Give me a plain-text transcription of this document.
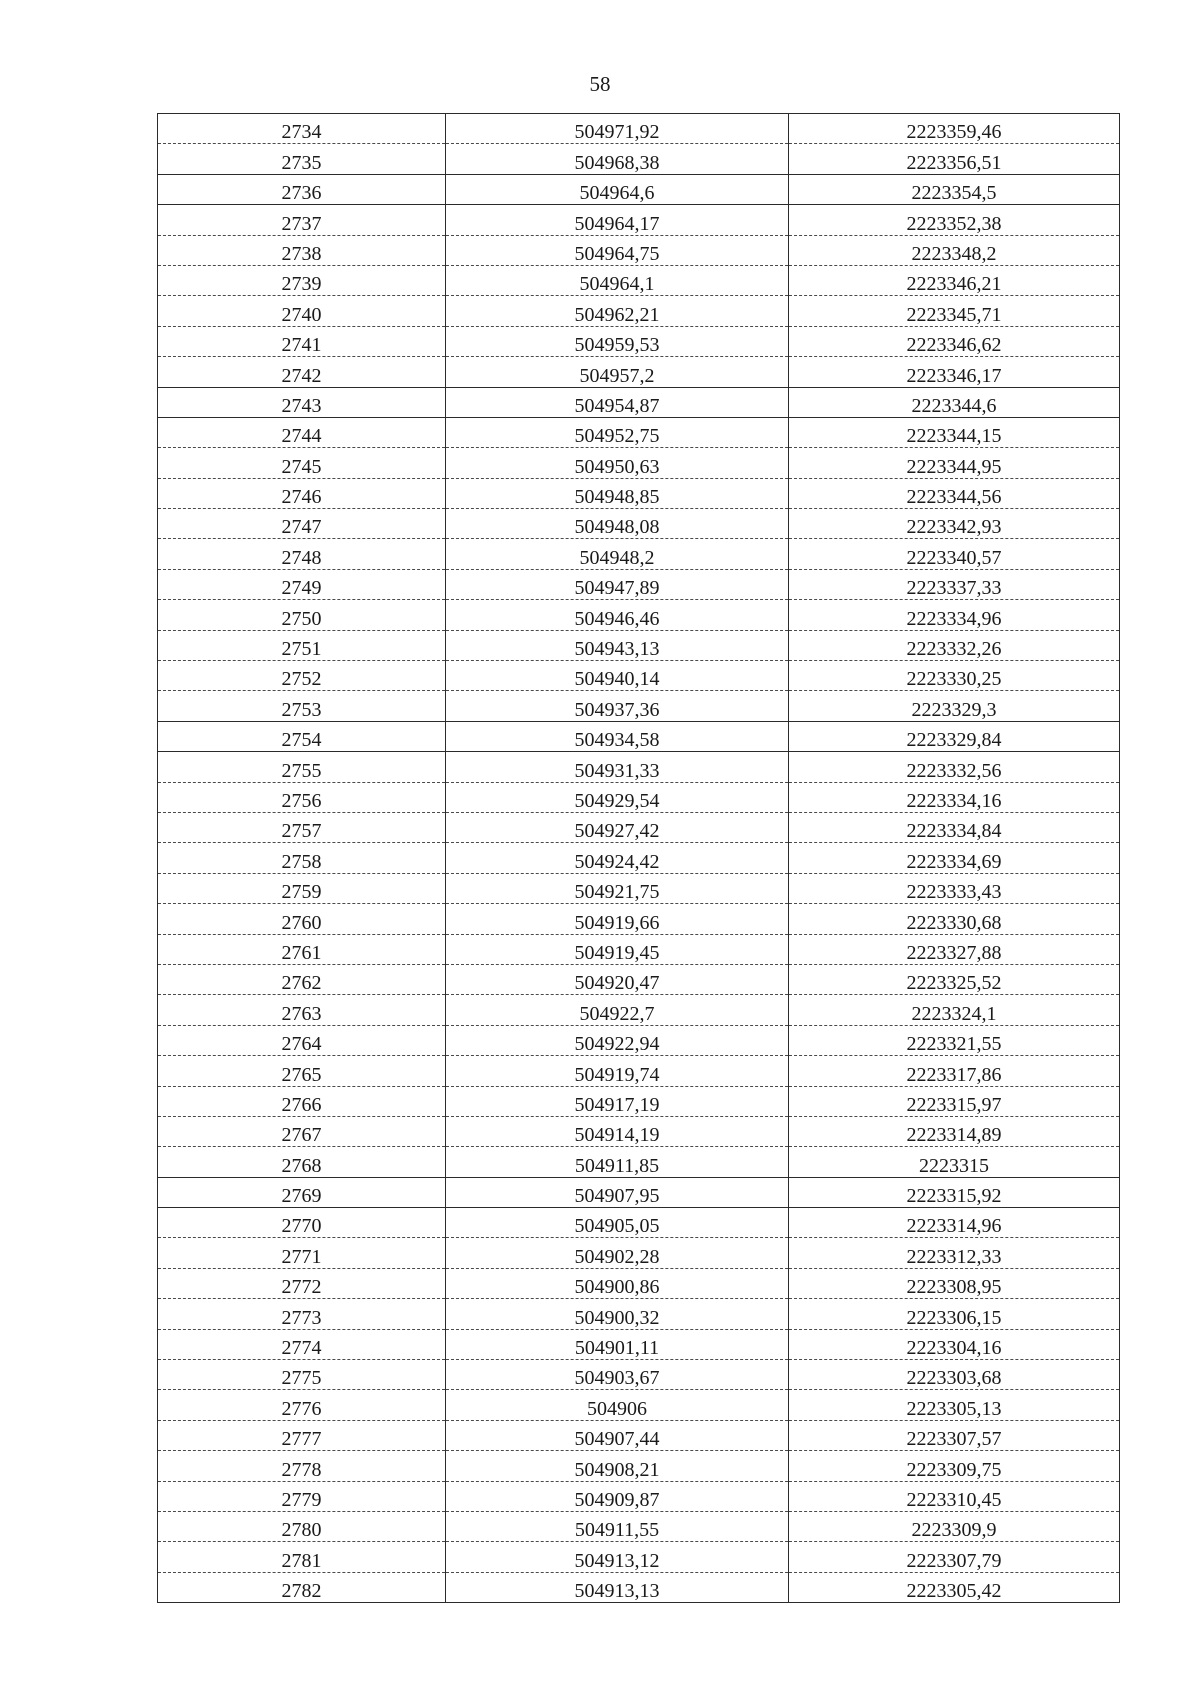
58
2734	504971,92	2223359,46
2735	504968,38	2223356,51
2736	504964,6	2223354,5
2737	504964,17	2223352,38
2738	504964,75	2223348,2
2739	504964,1	2223346,21
2740	504962,21	2223345,71
2741	504959,53	2223346,62
2742	504957,2	2223346,17
2743	504954,87	2223344,6
2744	504952,75	2223344,15
2745	504950,63	2223344,95
2746	504948,85	2223344,56
2747	504948,08	2223342,93
2748	504948,2	2223340,57
2749	504947,89	2223337,33
2750	504946,46	2223334,96
2751	504943,13	2223332,26
2752	504940,14	2223330,25
2753	504937,36	2223329,3
2754	504934,58	2223329,84
2755	504931,33	2223332,56
2756	504929,54	2223334,16
2757	504927,42	2223334,84
2758	504924,42	2223334,69
2759	504921,75	2223333,43
2760	504919,66	2223330,68
2761	504919,45	2223327,88
2762	504920,47	2223325,52
2763	504922,7	2223324,1
2764	504922,94	2223321,55
2765	504919,74	2223317,86
2766	504917,19	2223315,97
2767	504914,19	2223314,89
2768	504911,85	2223315
2769	504907,95	2223315,92
2770	504905,05	2223314,96
2771	504902,28	2223312,33
2772	504900,86	2223308,95
2773	504900,32	2223306,15
2774	504901,11	2223304,16
2775	504903,67	2223303,68
2776	504906	2223305,13
2777	504907,44	2223307,57
2778	504908,21	2223309,75
2779	504909,87	2223310,45
2780	504911,55	2223309,9
2781	504913,12	2223307,79
2782	504913,13	2223305,42
